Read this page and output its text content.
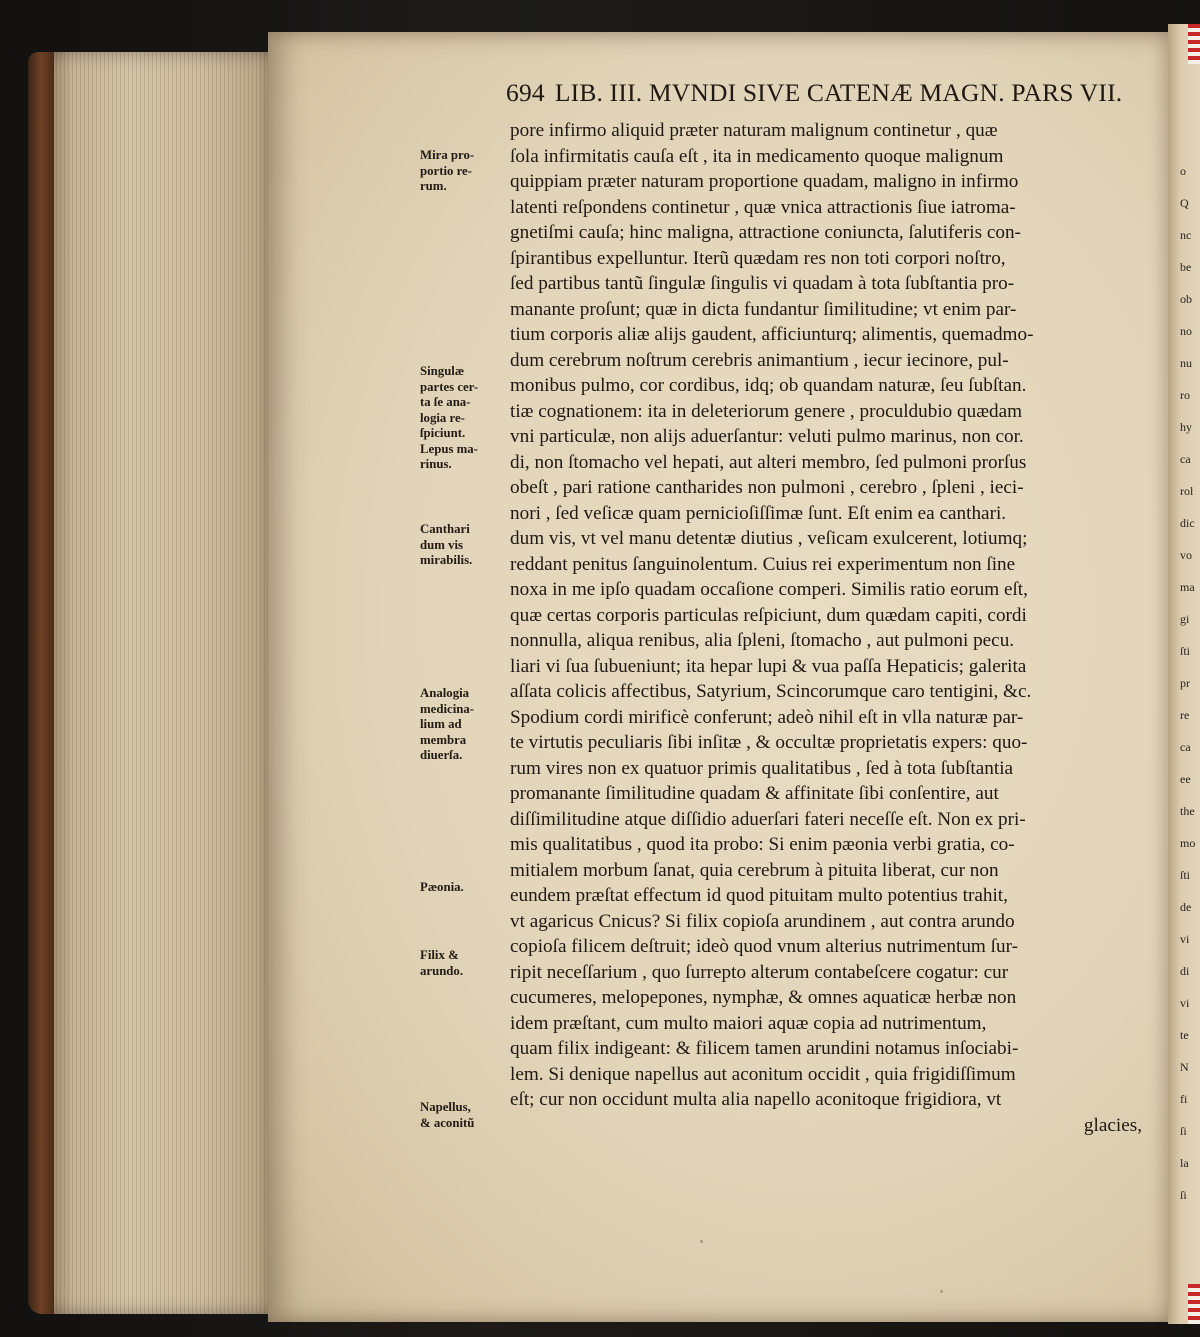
o
Q
nc
be
ob
no
nu
ro
hy
ca
rol
dic
vo
ma
gi
ſti
pr
re
ca
ee
the
mo
ſti
de
vi
di
vi
te
N
fi
ſi
la
ſi
694 LIB. III. MVNDI SIVE CATENÆ MAGN. PARS VII.
pore infirmo aliquid præter naturam malignum continetur , quæ
ſola infirmitatis cauſa eſt , ita in medicamento quoque malignum
quippiam præter naturam proportione quadam, maligno in infirmo
latenti reſpondens continetur , quæ vnica attractionis ſiue iatroma-
gnetiſmi cauſa; hinc maligna, attractione coniuncta, ſalutiferis con-
ſpirantibus expelluntur. Iterũ quædam res non toti corpori noſtro,
ſed partibus tantũ ſingulæ ſingulis vi quadam à tota ſubſtantia pro-
manante proſunt; quæ in dicta fundantur ſimilitudine; vt enim par-
tium corporis aliæ alijs gaudent, afficiunturq; alimentis, quemadmo-
dum cerebrum noſtrum cerebris animantium , iecur iecinore, pul-
monibus pulmo, cor cordibus, idq; ob quandam naturæ, ſeu ſubſtan.
tiæ cognationem: ita in deleteriorum genere , proculdubio quædam
vni particulæ, non alijs aduerſantur: veluti pulmo marinus, non cor.
di, non ſtomacho vel hepati, aut alteri membro, ſed pulmoni prorſus
obeſt , pari ratione cantharides non pulmoni , cerebro , ſpleni , ieci-
nori , ſed veſicæ quam pernicioſiſſimæ ſunt. Eſt enim ea canthari.
dum vis, vt vel manu detentæ diutius , veſicam exulcerent, lotiumq;
reddant penitus ſanguinolentum. Cuius rei experimentum non ſine
noxa in me ipſo quadam occaſione comperi. Similis ratio eorum eſt,
quæ certas corporis particulas reſpiciunt, dum quædam capiti, cordi
nonnulla, aliqua renibus, alia ſpleni, ſtomacho , aut pulmoni pecu.
liari vi ſua ſubueniunt; ita hepar lupi & vua paſſa Hepaticis; galerita
aſſata colicis affectibus, Satyrium, Scincorumque caro tentigini, &c.
Spodium cordi mirificè conferunt; adeò nihil eſt in vlla naturæ par-
te virtutis peculiaris ſibi inſitæ , & occultæ proprietatis expers: quo-
rum vires non ex quatuor primis qualitatibus , ſed à tota ſubſtantia
promanante ſimilitudine quadam & affinitate ſibi conſentire, aut
diſſimilitudine atque diſſidio aduerſari fateri neceſſe eſt. Non ex pri-
mis qualitatibus , quod ita probo: Si enim pæonia verbi gratia, co-
mitialem morbum ſanat, quia cerebrum à pituita liberat, cur non
eundem præſtat effectum id quod pituitam multo potentius trahit,
vt agaricus Cnicus? Si filix copioſa arundinem , aut contra arundo
copioſa filicem deſtruit; ideò quod vnum alterius nutrimentum ſur-
ripit neceſſarium , quo ſurrepto alterum contabeſcere cogatur: cur
cucumeres, melopepones, nymphæ, & omnes aquaticæ herbæ non
idem præſtant, cum multo maiori aquæ copia ad nutrimentum,
quam filix indigeant: & filicem tamen arundini notamus inſociabi-
lem. Si denique napellus aut aconitum occidit , quia frigidiſſimum
eſt; cur non occidunt multa alia napello aconitoque frigidiora, vt
glacies,
Mira pro-
portio re-
rum.
Singulæ
partes cer-
ta ſe ana-
logia re-
ſpiciunt.
Lepus ma-
rinus.
Canthari
dum vis
mirabilis.
Analogia
medicina-
lium ad
membra
diuerſa.
Pæonia.
Filix &
arundo.
Napellus,
& aconitũ
